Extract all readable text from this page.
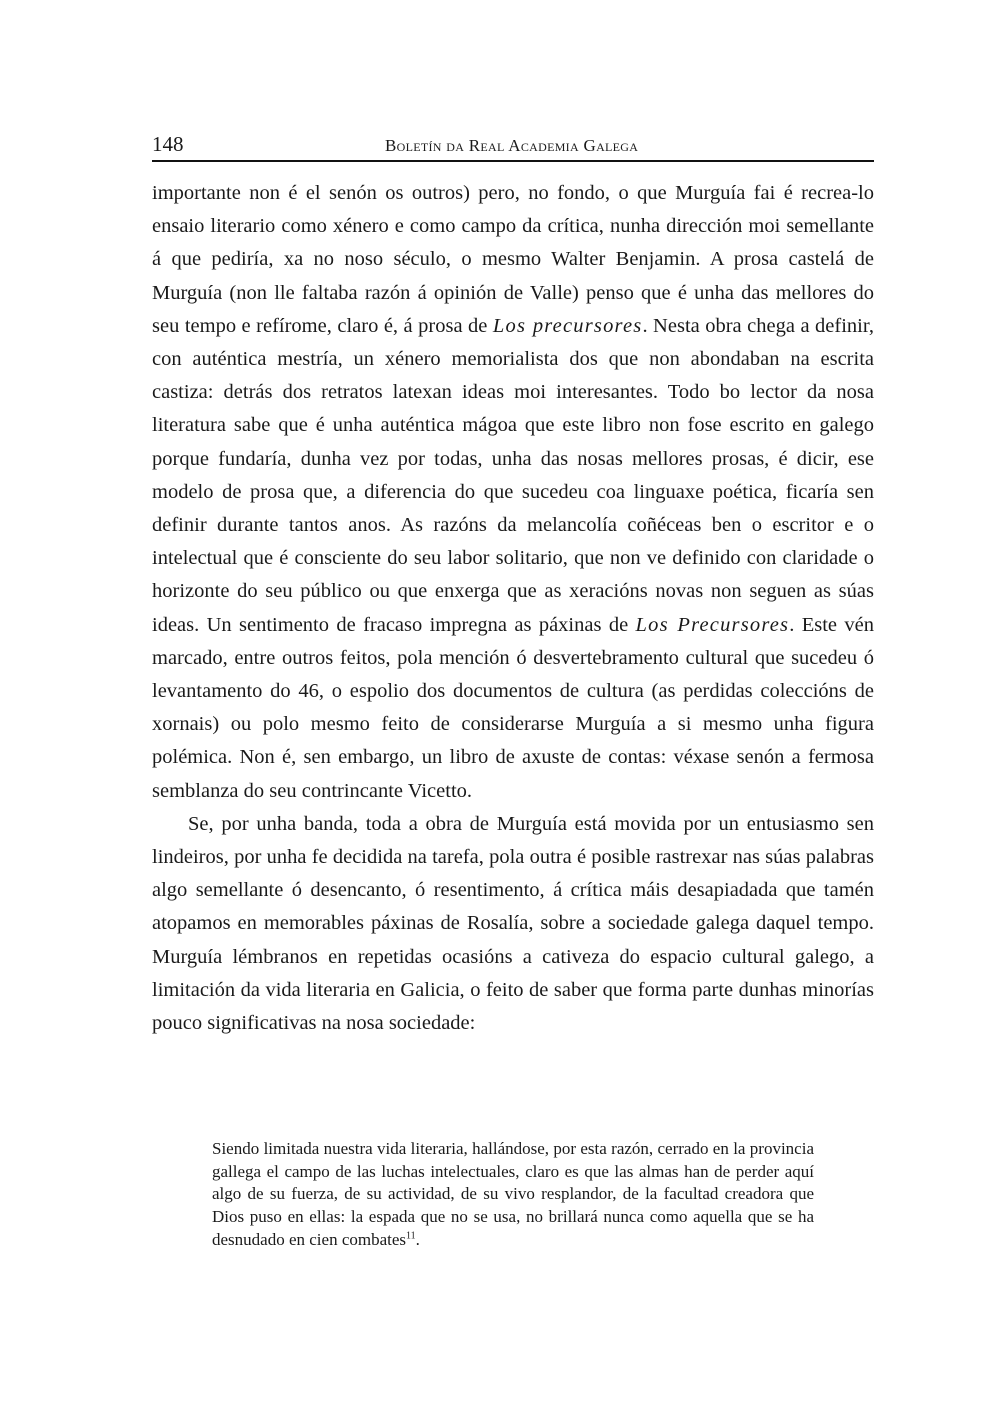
148	Boletín da Real Academia Galega

importante non é el senón os outros) pero, no fondo, o que Murguía fai é recrea-lo ensaio literario como xénero e como campo da crítica, nunha dirección moi semellante á que pediría, xa no noso século, o mesmo Walter Benjamin. A prosa castelá de Murguía (non lle faltaba razón á opinión de Valle) penso que é unha das mellores do seu tempo e refírome, claro é, á prosa de Los precursores. Nesta obra chega a definir, con auténtica mestría, un xénero memorialista dos que non abondaban na escrita castiza: detrás dos retratos latexan ideas moi interesantes. Todo bo lector da nosa literatura sabe que é unha auténtica mágoa que este libro non fose escrito en galego porque fundaría, dunha vez por todas, unha das nosas mellores prosas, é dicir, ese modelo de prosa que, a diferencia do que sucedeu coa linguaxe poética, ficaría sen definir durante tantos anos. As razóns da melancolía coñéceas ben o escritor e o intelectual que é consciente do seu labor solitario, que non ve definido con claridade o horizonte do seu público ou que enxerga que as xeracións novas non seguen as súas ideas. Un sentimento de fracaso impregna as páxinas de Los Precursores. Este vén marcado, entre outros feitos, pola mención ó desvertebramento cultural que sucedeu ó levantamento do 46, o espolio dos documentos de cultura (as perdidas coleccións de xornais) ou polo mesmo feito de considerarse Murguía a si mesmo unha figura polémica. Non é, sen embargo, un libro de axuste de contas: véxase senón a fermosa semblanza do seu contrincante Vicetto.

Se, por unha banda, toda a obra de Murguía está movida por un entusiasmo sen lindeiros, por unha fe decidida na tarefa, pola outra é posible rastrexar nas súas palabras algo semellante ó desencanto, ó resentimento, á crítica máis desapiadada que tamén atopamos en memorables páxinas de Rosalía, sobre a sociedade galega daquel tempo. Murguía lémbranos en repetidas ocasións a cativeza do espacio cultural galego, a limitación da vida literaria en Galicia, o feito de saber que forma parte dunhas minorías pouco significativas na nosa sociedade:

Siendo limitada nuestra vida literaria, hallándose, por esta razón, cerrado en la provincia gallega el campo de las luchas intelectuales, claro es que las almas han de perder aquí algo de su fuerza, de su actividad, de su vivo resplandor, de la facultad creadora que Dios puso en ellas: la espada que no se usa, no brillará nunca como aquella que se ha desnudado en cien combates$^{11}$.
